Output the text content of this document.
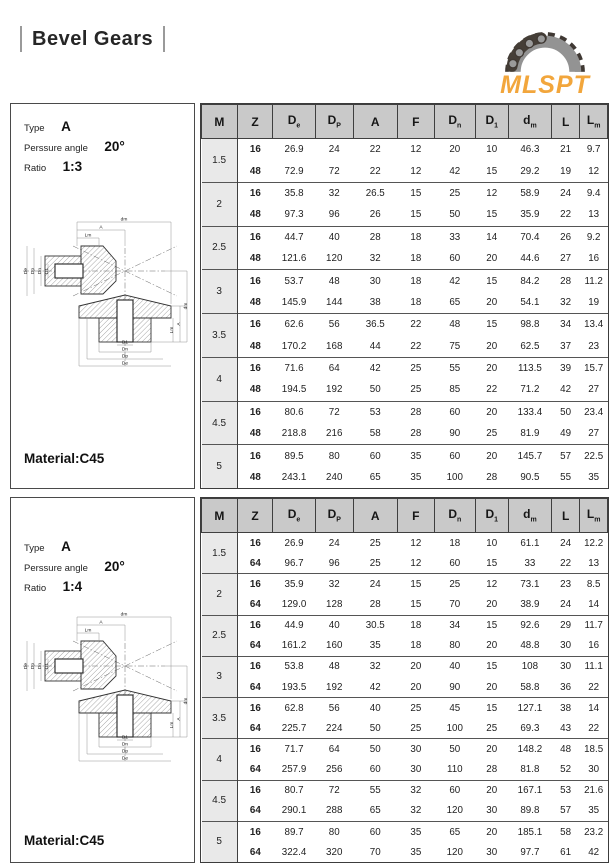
Bevel Gears
MLSPT
Type A
Perssure angle 20°
Ratio 1:3
dm
A
Lm
De Dp Dn D1
D1
Dn
Dp
De
Lm
A
dm
Material:C45
M	Z	$D_e$	$D_P$	A	F	$D_n$	$D_1$	$d_m$	L	$L_m$
1.5	16	26.9	24	22	12	20	10	46.3	21	9.7
	48	72.9	72	22	12	42	15	29.2	19	12
2	16	35.8	32	26.5	15	25	12	58.9	24	9.4
	48	97.3	96	26	15	50	15	35.9	22	13
2.5	16	44.7	40	28	18	33	14	70.4	26	9.2
	48	121.6	120	32	18	60	20	44.6	27	16
3	16	53.7	48	30	18	42	15	84.2	28	11.2
	48	145.9	144	38	18	65	20	54.1	32	19
3.5	16	62.6	56	36.5	22	48	15	98.8	34	13.4
	48	170.2	168	44	22	75	20	62.5	37	23
4	16	71.6	64	42	25	55	20	113.5	39	15.7
	48	194.5	192	50	25	85	22	71.2	42	27
4.5	16	80.6	72	53	28	60	20	133.4	50	23.4
	48	218.8	216	58	28	90	25	81.9	49	27
5	16	89.5	80	60	35	60	20	145.7	57	22.5
	48	243.1	240	65	35	100	28	90.5	55	35
Type A
Perssure angle 20°
Ratio 1:4
dm
A
Lm
De Dp Dn D1
D1
Dn
Dp
De
Lm
A
dm
Material:C45
M	Z	$D_e$	$D_P$	A	F	$D_n$	$D_1$	$d_m$	L	$L_m$
1.5	16	26.9	24	25	12	18	10	61.1	24	12.2
	64	96.7	96	25	12	60	15	33	22	13
2	16	35.9	32	24	15	25	12	73.1	23	8.5
	64	129.0	128	28	15	70	20	38.9	24	14
2.5	16	44.9	40	30.5	18	34	15	92.6	29	11.7
	64	161.2	160	35	18	80	20	48.8	30	16
3	16	53.8	48	32	20	40	15	108	30	11.1
	64	193.5	192	42	20	90	20	58.8	36	22
3.5	16	62.8	56	40	25	45	15	127.1	38	14
	64	225.7	224	50	25	100	25	69.3	43	22
4	16	71.7	64	50	30	50	20	148.2	48	18.5
	64	257.9	256	60	30	110	28	81.8	52	30
4.5	16	80.7	72	55	32	60	20	167.1	53	21.6
	64	290.1	288	65	32	120	30	89.8	57	35
5	16	89.7	80	60	35	65	20	185.1	58	23.2
	64	322.4	320	70	35	120	30	97.7	61	42
